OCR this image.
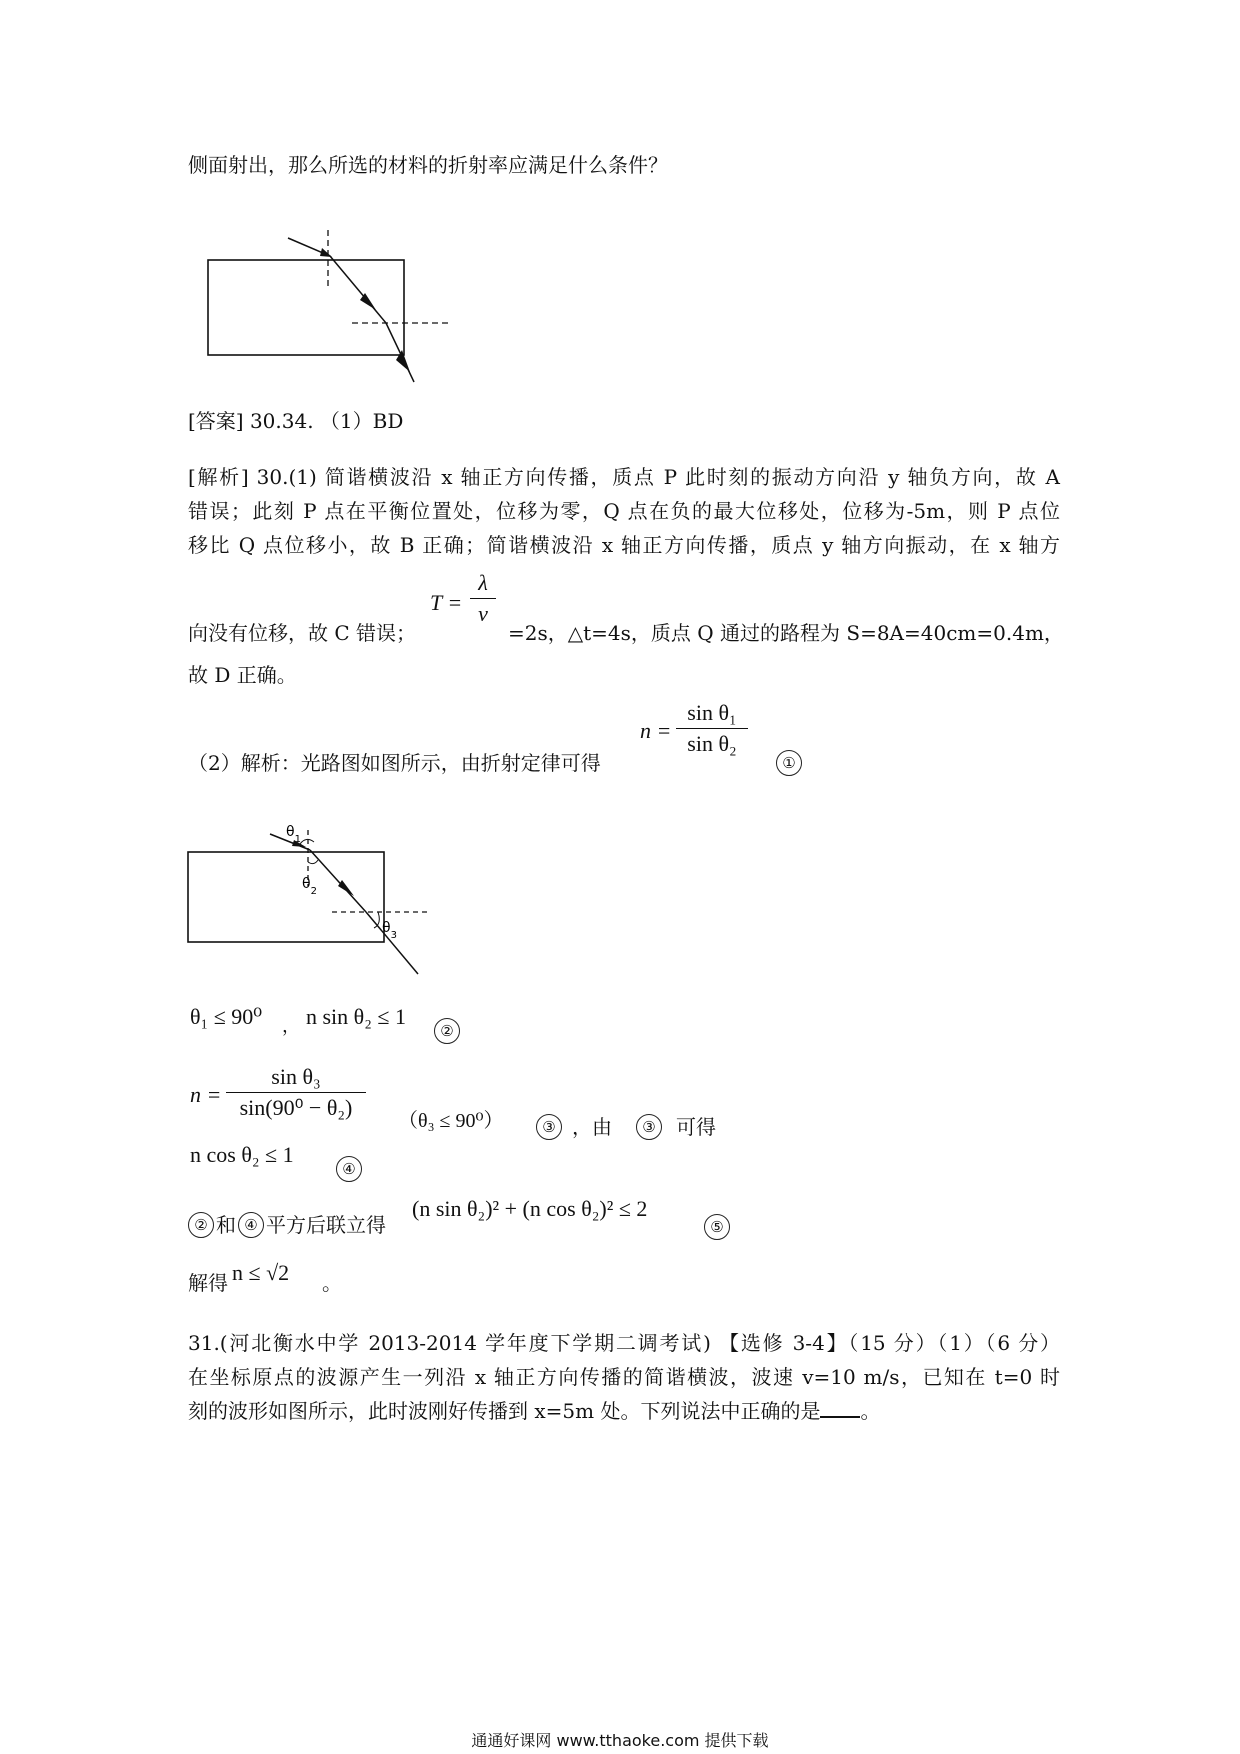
侧面射出，那么所选的材料的折射率应满足什么条件？
[答案] 30.34. （1）BD
[解析] 30.(1) 简谐横波沿 x 轴正方向传播，质点 P 此时刻的振动方向沿 y 轴负方向，故 A
错误；此刻 P 点在平衡位置处，位移为零，Q 点在负的最大位移处，位移为-5m，则 P 点位
移比 Q 点位移小，故 B 正确；简谐横波沿 x 轴正方向传播，质点 y 轴方向振动，在 x 轴方
向没有位移，故 C 错误；
T =
λ
v
=2s，△t=4s，质点 Q 通过的路程为 S=8A=40cm=0.4m，
故 D 正确。
（2）解析：光路图如图所示，由折射定律可得
n =
sin θ₁
sin θ₂
①
$\theta_1$
$\theta_2$
$\theta_3$
θ₁ ≤ 90⁰ ， n sin θ₂ ≤ 1
②
n =
sin θ₃
sin(90⁰ − θ₂)
（θ₃ ≤ 90⁰）	③ ，由	③	可得
n cos θ₂ ≤ 1
④
② 和 ④ 平方后联立得
(n sin θ₂)² + (n cos θ₂)² ≤ 2
⑤
解得 n ≤ √2 。
31.(河北衡水中学 2013-2014 学年度下学期二调考试) 【选修 3-4】（15 分）（1）（6 分）
在坐标原点的波源产生一列沿 x 轴正方向传播的简谐横波，波速 v=10 m/s，已知在 t=0 时
刻的波形如图所示，此时波刚好传播到 x=5m 处。下列说法中正确的是 。
通通好课网 www.tthaoke.com 提供下载
